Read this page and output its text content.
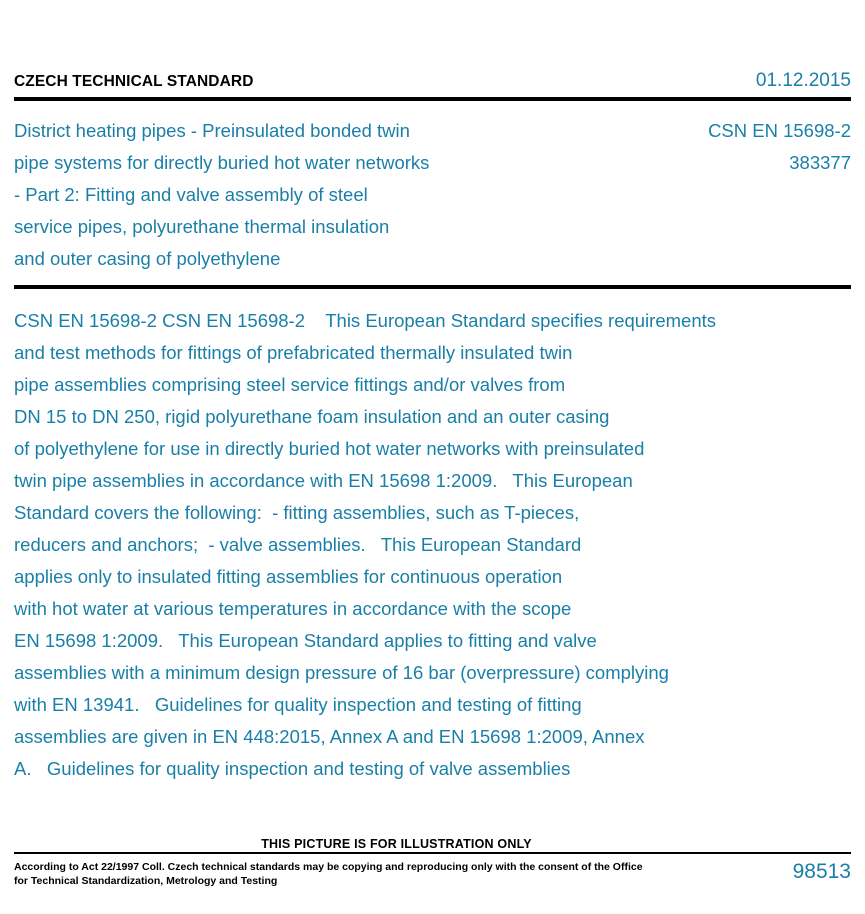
CZECH TECHNICAL STANDARD	01.12.2015
District heating pipes - Preinsulated bonded twin
pipe systems for directly buried hot water networks
- Part 2: Fitting and valve assembly of steel
service pipes, polyurethane thermal insulation
and outer casing of polyethylene
CSN EN 15698-2
383377
CSN EN 15698-2 CSN EN 15698-2    This European Standard specifies requirements
and test methods for fittings of prefabricated thermally insulated twin
pipe assemblies comprising steel service fittings and/or valves from
DN 15 to DN 250, rigid polyurethane foam insulation and an outer casing
of polyethylene for use in directly buried hot water networks with preinsulated
twin pipe assemblies in accordance with EN 15698 1:2009.   This European
Standard covers the following:  - fitting assemblies, such as T-pieces,
reducers and anchors;  - valve assemblies.   This European Standard
applies only to insulated fitting assemblies for continuous operation
with hot water at various temperatures in accordance with the scope
EN 15698 1:2009.   This European Standard applies to fitting and valve
assemblies with a minimum design pressure of 16 bar (overpressure) complying
with EN 13941.   Guidelines for quality inspection and testing of fitting
assemblies are given in EN 448:2015, Annex A and EN 15698 1:2009, Annex
A.   Guidelines for quality inspection and testing of valve assemblies
THIS PICTURE IS FOR ILLUSTRATION ONLY
According to Act 22/1997 Coll. Czech technical standards may be copying and reproducing only with the consent of the Office
for Technical Standardization, Metrology and Testing	98513
